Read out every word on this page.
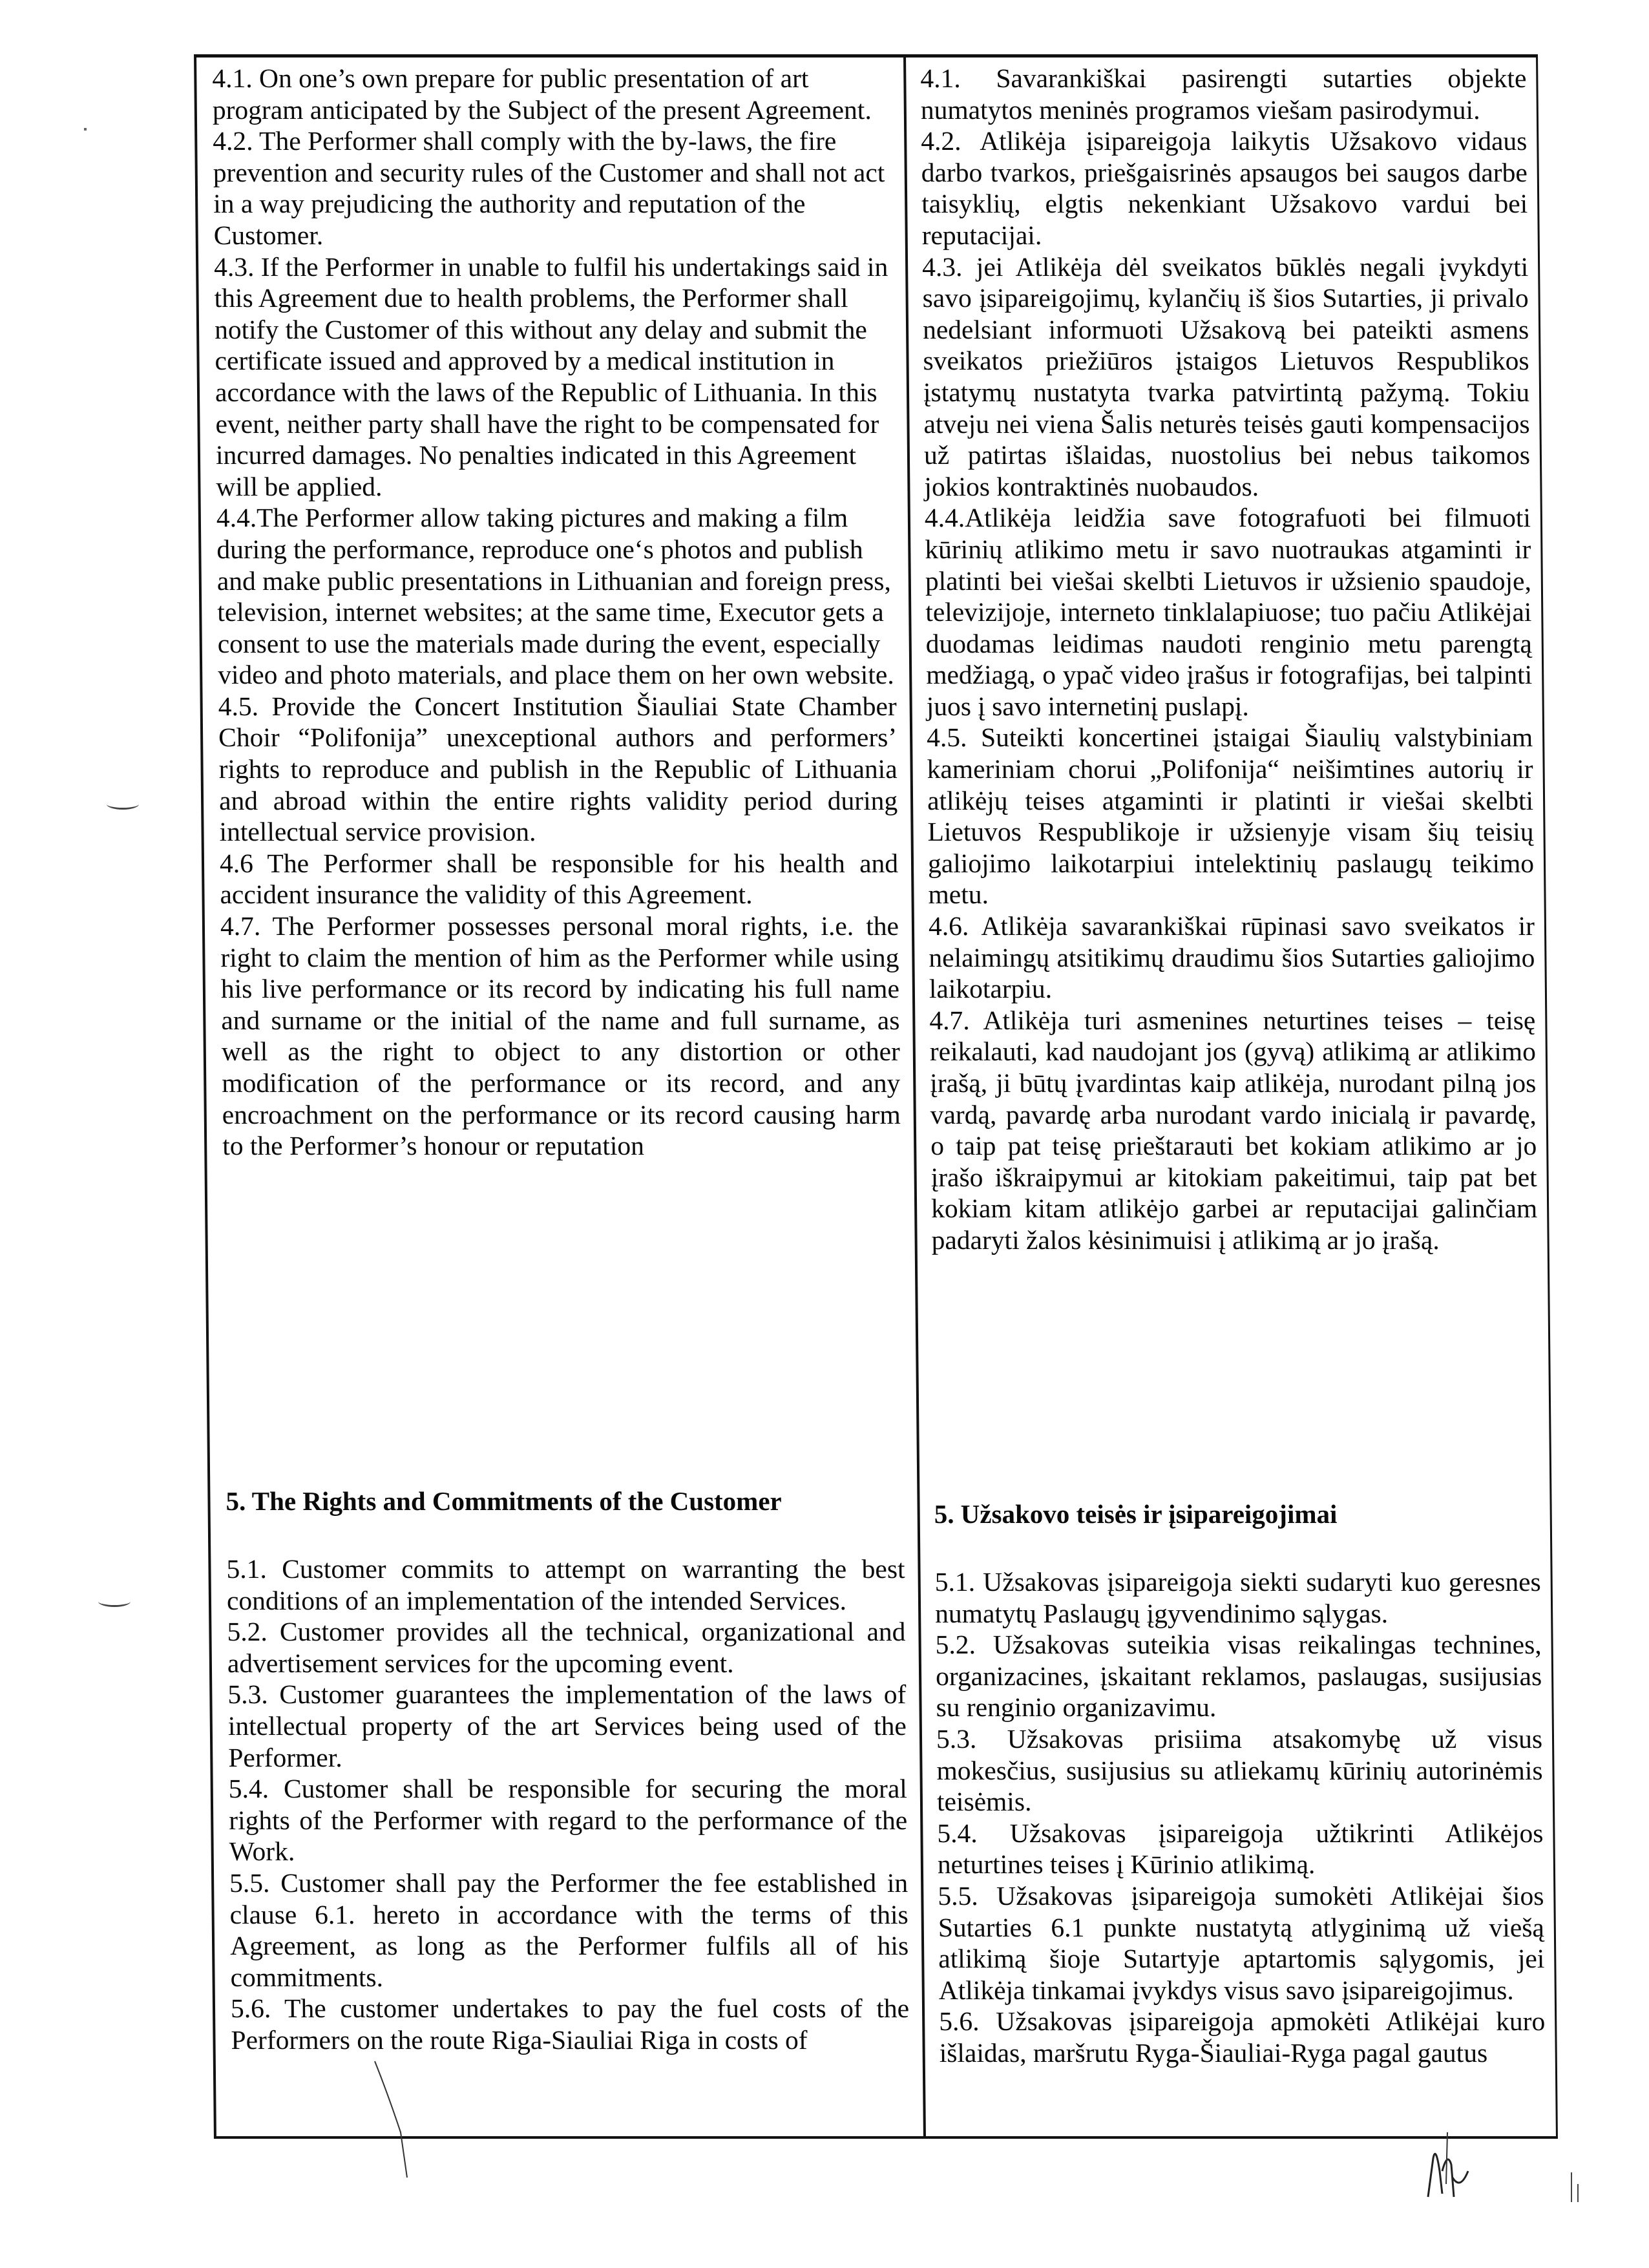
4.1. On one’s own prepare for public presentation of art program anticipated by the Subject of the present Agreement.

4.2. The Performer shall comply with the by-laws, the fire prevention and security rules of the Customer and shall not act in a way prejudicing the authority and reputation of the Customer.

4.3. If the Performer in unable to fulfil his undertakings said in this Agreement due to health problems, the Performer shall notify the Customer of this without any delay and submit the certificate issued and approved by a medical institution in accordance with the laws of the Republic of Lithuania. In this event, neither party shall have the right to be compensated for incurred damages. No penalties indicated in this Agreement will be applied.

4.4.The Performer allow taking pictures and making a film during the performance, reproduce one‘s photos and publish and make public presentations in Lithuanian and foreign press, television, internet websites; at the same time, Executor gets a consent to use the materials made during the event, especially video and photo materials, and place them on her own website.

4.5. Provide the Concert Institution Šiauliai State Chamber Choir “Polifonija” unexceptional authors and performers’ rights to reproduce and publish in the Republic of Lithuania and abroad within the entire rights validity period during intellectual service provision.

4.6 The Performer shall be responsible for his health and accident insurance the validity of this Agreement.

4.7. The Performer possesses personal moral rights, i.e. the right to claim the mention of him as the Performer while using his live performance or its record by indicating his full name and surname or the initial of the name and full surname, as well as the right to object to any distortion or other modification of the performance or its record, and any encroachment on the performance or its record causing harm to the Performer’s honour or reputation

5. The Rights and Commitments of the Customer

5.1. Customer commits to attempt on warranting the best conditions of an implementation of the intended Services.

5.2. Customer provides all the technical, organizational and advertisement services for the upcoming event.

5.3. Customer guarantees the implementation of the laws of intellectual property of the art Services being used of the Performer.

5.4. Customer shall be responsible for securing the moral rights of the Performer with regard to the performance of the Work.

5.5. Customer shall pay the Performer the fee established in clause 6.1. hereto in accordance with the terms of this Agreement, as long as the Performer fulfils all of his commitments.

5.6. The customer undertakes to pay the fuel costs of the Performers on the route Riga-Siauliai Riga in costs of

4.1. Savarankiškai pasirengti sutarties objekte numatytos meninės programos viešam pasirodymui.

4.2. Atlikėja įsipareigoja laikytis Užsakovo vidaus darbo tvarkos, priešgaisrinės apsaugos bei saugos darbe taisyklių, elgtis nekenkiant Užsakovo vardui bei reputacijai.

4.3. jei Atlikėja dėl sveikatos būklės negali įvykdyti savo įsipareigojimų, kylančių iš šios Sutarties, ji privalo nedelsiant informuoti Užsakovą bei pateikti asmens sveikatos priežiūros įstaigos Lietuvos Respublikos įstatymų nustatyta tvarka patvirtintą pažymą. Tokiu atveju nei viena Šalis neturės teisės gauti kompensacijos už patirtas išlaidas, nuostolius bei nebus taikomos jokios kontraktinės nuobaudos.

4.4.Atlikėja leidžia save fotografuoti bei filmuoti kūrinių atlikimo metu ir savo nuotraukas atgaminti ir platinti bei viešai skelbti Lietuvos ir užsienio spaudoje, televizijoje, interneto tinklalapiuose; tuo pačiu Atlikėjai duodamas leidimas naudoti renginio metu parengtą medžiagą, o ypač video įrašus ir fotografijas, bei talpinti juos į savo internetinį puslapį.

4.5. Suteikti koncertinei įstaigai Šiaulių valstybiniam kameriniam chorui „Polifonija“ neišimtines autorių ir atlikėjų teises atgaminti ir platinti ir viešai skelbti Lietuvos Respublikoje ir užsienyje visam šių teisių galiojimo laikotarpiui intelektinių paslaugų teikimo metu.

4.6. Atlikėja savarankiškai rūpinasi savo sveikatos ir nelaimingų atsitikimų draudimu šios Sutarties galiojimo laikotarpiu.

4.7. Atlikėja turi asmenines neturtines teises – teisę reikalauti, kad naudojant jos (gyvą) atlikimą ar atlikimo įrašą, ji būtų įvardintas kaip atlikėja, nurodant pilną jos vardą, pavardę arba nurodant vardo inicialą ir pavardę, o taip pat teisę prieštarauti bet kokiam atlikimo ar jo įrašo iškraipymui ar kitokiam pakeitimui, taip pat bet kokiam kitam atlikėjo garbei ar reputacijai galinčiam padaryti žalos kėsinimuisi į atlikimą ar jo įrašą.

5. Užsakovo teisės ir įsipareigojimai

5.1. Užsakovas įsipareigoja siekti sudaryti kuo geresnes numatytų Paslaugų įgyvendinimo sąlygas.

5.2. Užsakovas suteikia visas reikalingas technines, organizacines, įskaitant reklamos, paslaugas, susijusias su renginio organizavimu.

5.3. Užsakovas prisiima atsakomybę už visus mokesčius, susijusius su atliekamų kūrinių autorinėmis teisėmis.

5.4. Užsakovas įsipareigoja užtikrinti Atlikėjos neturtines teises į Kūrinio atlikimą.

5.5. Užsakovas įsipareigoja sumokėti Atlikėjai šios Sutarties 6.1 punkte nustatytą atlyginimą už viešą atlikimą šioje Sutartyje aptartomis sąlygomis, jei Atlikėja tinkamai įvykdys visus savo įsipareigojimus.

5.6. Užsakovas įsipareigoja apmokėti Atlikėjai kuro išlaidas, maršrutu Ryga-Šiauliai-Ryga pagal gautus
